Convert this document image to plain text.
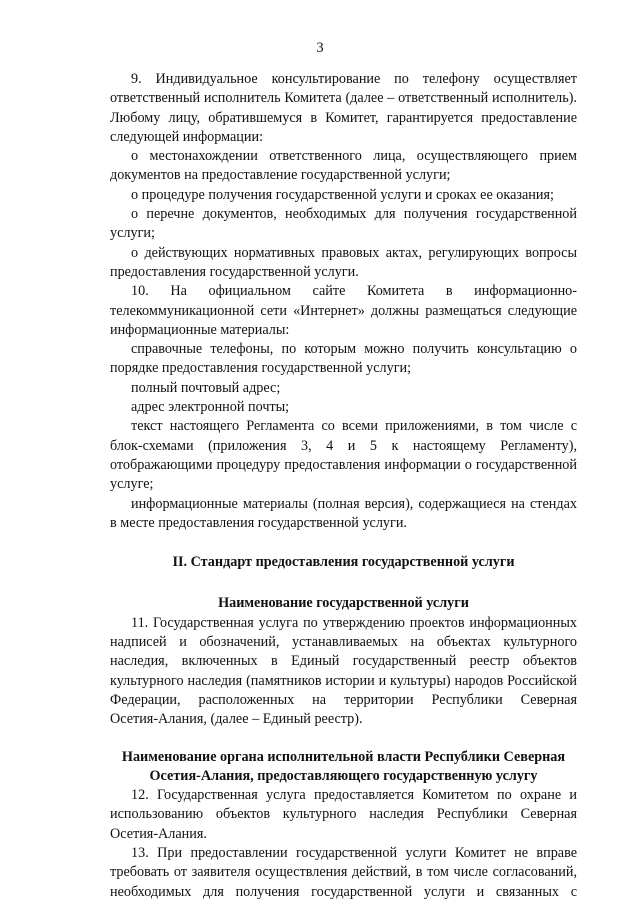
3
9. Индивидуальное консультирование по телефону осуществляет
ответственный исполнитель Комитета (далее – ответственный исполнитель).
Любому лицу, обратившемуся в Комитет, гарантируется предоставление
следующей информации:
о местонахождении ответственного лица, осуществляющего прием
документов на предоставление государственной услуги;
о процедуре получения государственной услуги и сроках ее оказания;
о перечне документов, необходимых для получения государственной
услуги;
о действующих нормативных правовых актах, регулирующих вопросы
предоставления государственной услуги.
10. На официальном сайте Комитета в информационно-
телекоммуникационной сети «Интернет» должны размещаться следующие
информационные материалы:
справочные телефоны, по которым можно получить консультацию о
порядке предоставления государственной услуги;
полный почтовый адрес;
адрес электронной почты;
текст настоящего Регламента со всеми приложениями, в том числе с
блок-схемами (приложения 3, 4 и 5 к настоящему Регламенту),
отображающими процедуру предоставления информации о государственной
услуге;
информационные материалы (полная версия), содержащиеся на стендах
в месте предоставления государственной услуги.
II. Стандарт предоставления государственной услуги
Наименование государственной услуги
11. Государственная услуга по утверждению проектов информационных
надписей и обозначений, устанавливаемых на объектах культурного
наследия, включенных в Единый государственный реестр объектов
культурного наследия (памятников истории и культуры) народов Российской
Федерации, расположенных на территории Республики Северная
Осетия-Алания, (далее – Единый реестр).
Наименование органа исполнительной власти Республики Северная
Осетия-Алания, предоставляющего государственную услугу
12. Государственная услуга предоставляется Комитетом по охране и
использованию объектов культурного наследия Республики Северная
Осетия-Алания.
13. При предоставлении государственной услуги Комитет не вправе
требовать от заявителя осуществления действий, в том числе согласований,
необходимых для получения государственной услуги и связанных с
